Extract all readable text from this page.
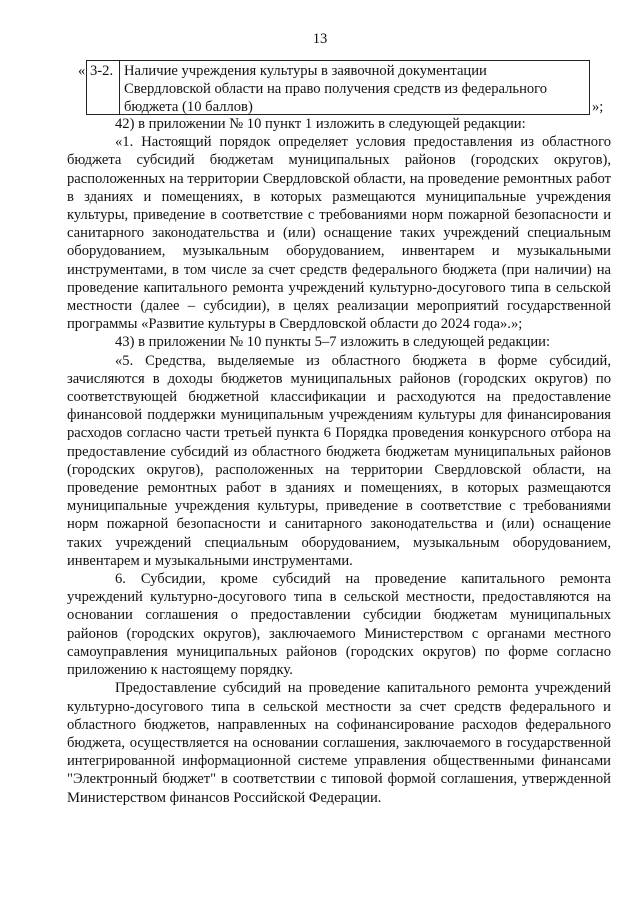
13
« 3-2. Наличие учреждения культуры в заявочной документации
Свердловской области на право получения средств из федерального
бюджета (10 баллов)	»;

42) в приложении № 10 пункт 1 изложить в следующей редакции:

«1. Настоящий порядок определяет условия предоставления из областного бюджета субсидий бюджетам муниципальных районов (городских округов), расположенных на территории Свердловской области, на проведение ремонтных работ в зданиях и помещениях, в которых размещаются муниципальные учреждения культуры, приведение в соответствие с требованиями норм пожарной безопасности и санитарного законодательства и (или) оснащение таких учреждений специальным оборудованием, музыкальным оборудованием, инвентарем и музыкальными инструментами, в том числе за счет средств федерального бюджета (при наличии) на проведение капитального ремонта учреждений культурно-досугового типа в сельской местности (далее – субсидии), в целях реализации мероприятий государственной программы «Развитие культуры в Свердловской области до 2024 года».»;

43) в приложении № 10 пункты 5–7 изложить в следующей редакции:

«5. Средства, выделяемые из областного бюджета в форме субсидий, зачисляются в доходы бюджетов муниципальных районов (городских округов) по соответствующей бюджетной классификации и расходуются на предоставление финансовой поддержки муниципальным учреждениям культуры для финансирования расходов согласно части третьей пункта 6 Порядка проведения конкурсного отбора на предоставление субсидий из областного бюджета бюджетам муниципальных районов (городских округов), расположенных на территории Свердловской области, на проведение ремонтных работ в зданиях и помещениях, в которых размещаются муниципальные учреждения культуры, приведение в соответствие с требованиями норм пожарной безопасности и санитарного законодательства и (или) оснащение таких учреждений специальным оборудованием, музыкальным оборудованием, инвентарем и музыкальными инструментами.

6. Субсидии, кроме субсидий на проведение капитального ремонта учреждений культурно-досугового типа в сельской местности, предоставляются на основании соглашения о предоставлении субсидии бюджетам муниципальных районов (городских округов), заключаемого Министерством с органами местного самоуправления муниципальных районов (городских округов) по форме согласно приложению к настоящему порядку.

Предоставление субсидий на проведение капитального ремонта учреждений культурно-досугового типа в сельской местности за счет средств федерального и областного бюджетов, направленных на софинансирование расходов федерального бюджета, осуществляется на основании соглашения, заключаемого в государственной интегрированной информационной системе управления общественными финансами "Электронный бюджет" в соответствии с типовой формой соглашения, утвержденной Министерством финансов Российской Федерации.
